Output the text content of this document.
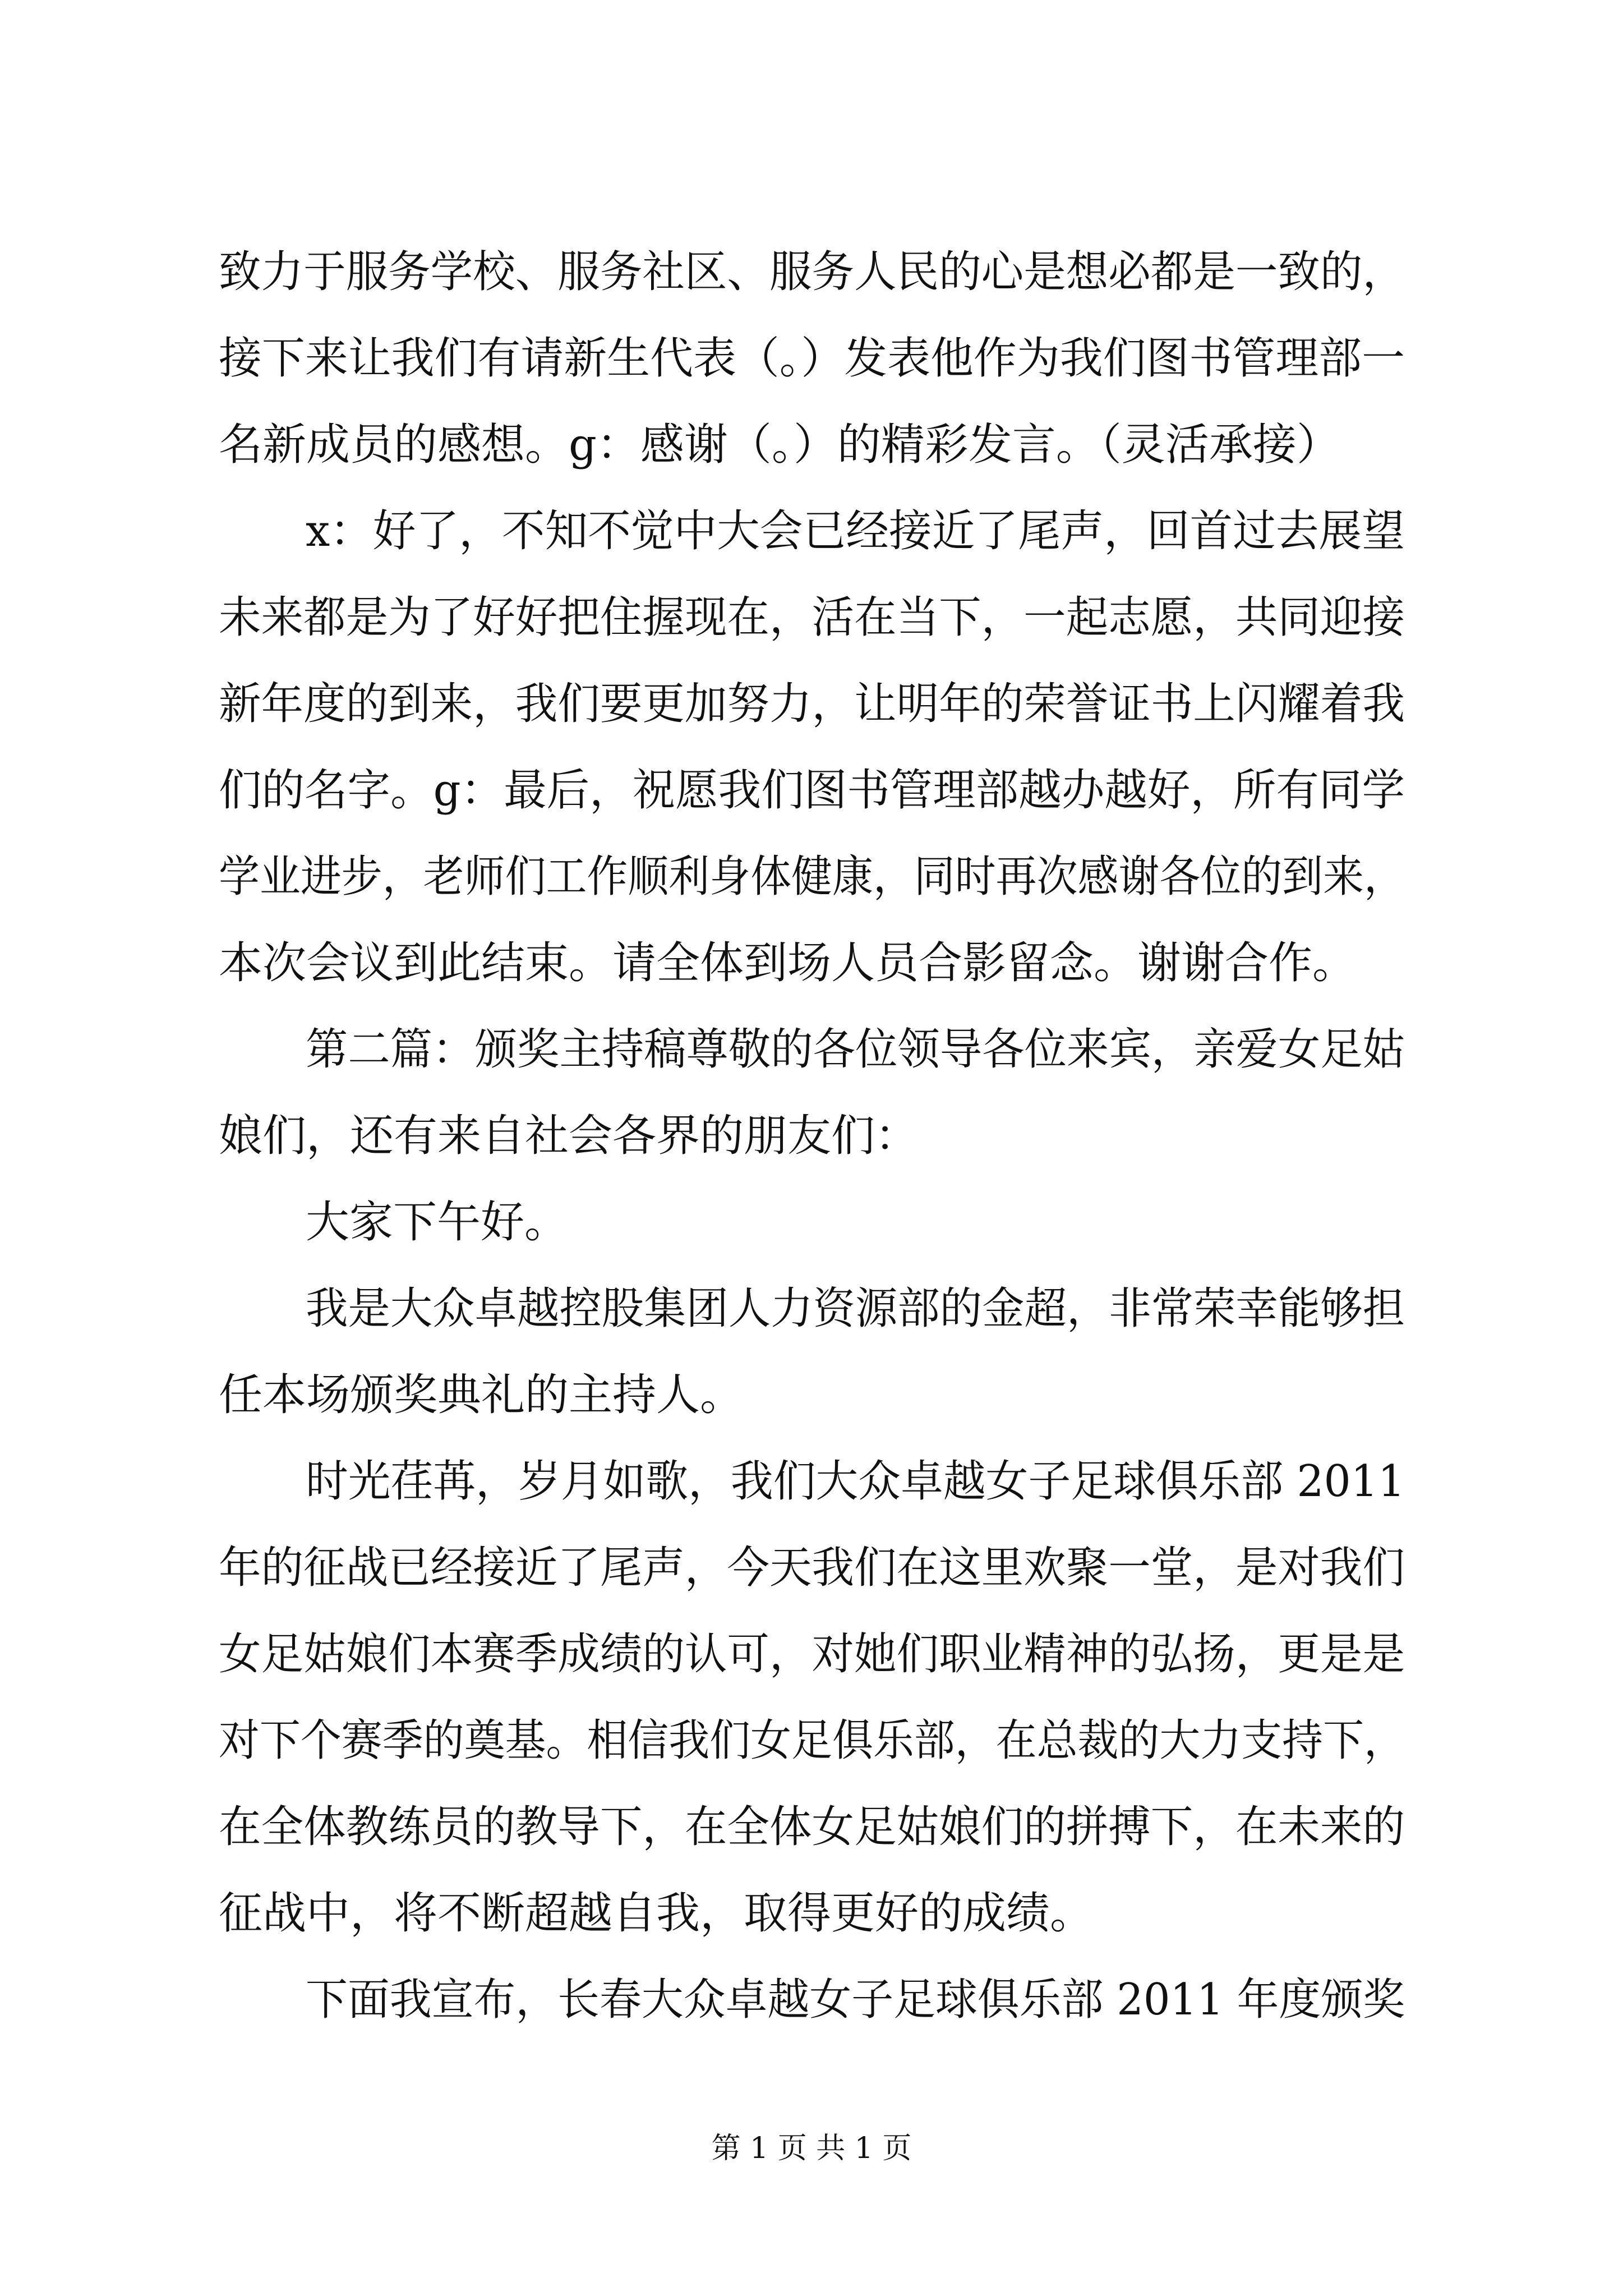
致力于服务学校、服务社区、服务人民的心是想必都是一致的，
接下来让我们有请新生代表（。）发表他作为我们图书管理部一
名新成员的感想。g：感谢（。）的精彩发言。（灵活承接）
x：好了，不知不觉中大会已经接近了尾声，回首过去展望
未来都是为了好好把住握现在，活在当下，一起志愿，共同迎接
新年度的到来，我们要更加努力，让明年的荣誉证书上闪耀着我
们的名字。g：最后，祝愿我们图书管理部越办越好，所有同学
学业进步，老师们工作顺利身体健康，同时再次感谢各位的到来，
本次会议到此结束。请全体到场人员合影留念。谢谢合作。
第二篇：颁奖主持稿尊敬的各位领导各位来宾，亲爱女足姑
娘们，还有来自社会各界的朋友们：
大家下午好。
我是大众卓越控股集团人力资源部的金超，非常荣幸能够担
任本场颁奖典礼的主持人。
时光荏苒，岁月如歌，我们大众卓越女子足球俱乐部 2011
年的征战已经接近了尾声，今天我们在这里欢聚一堂，是对我们
女足姑娘们本赛季成绩的认可，对她们职业精神的弘扬，更是是
对下个赛季的奠基。相信我们女足俱乐部，在总裁的大力支持下，
在全体教练员的教导下，在全体女足姑娘们的拼搏下，在未来的
征战中，将不断超越自我，取得更好的成绩。
下面我宣布，长春大众卓越女子足球俱乐部 2011 年度颁奖
第 1 页 共 1 页
